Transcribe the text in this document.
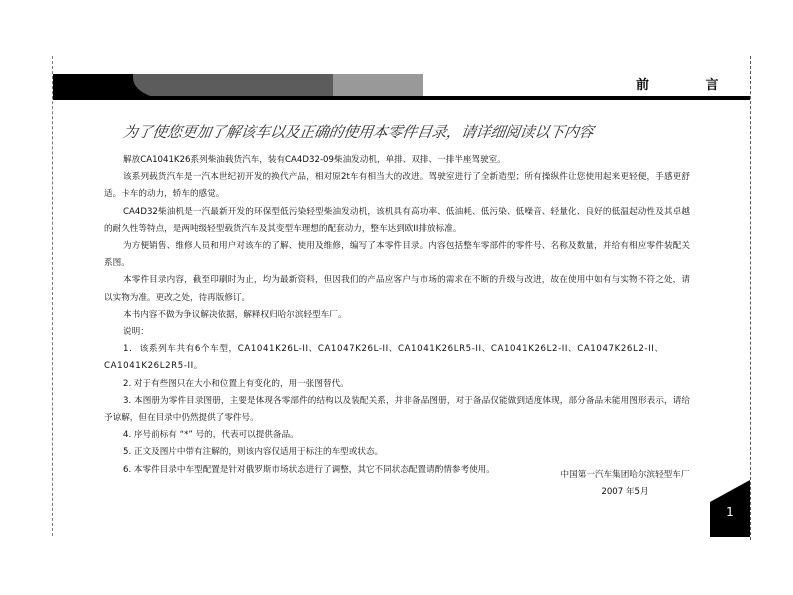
前 言
为了使您更加了解该车以及正确的使用本零件目录，请详细阅读以下内容

解放CA1041K26系列柴油载货汽车，装有CA4D32-09柴油发动机，单排、双排、一排半座驾驶室。

该系列载货汽车是一汽本世纪初开发的换代产品，相对原2t车有相当大的改进。驾驶室进行了全新造型；所有操纵件让您使用起来更轻便，手感更舒适。卡车的动力，轿车的感觉。

CA4D32柴油机是一汽最新开发的环保型低污染轻型柴油发动机，该机具有高功率、低油耗、低污染、低噪音、轻量化、良好的低温起动性及其卓越的耐久性等特点，是两吨级轻型载货汽车及其变型车理想的配套动力，整车达到欧II排放标准。

为方便销售、维修人员和用户对该车的了解、使用及维修，编写了本零件目录。内容包括整车零部件的零件号、名称及数量，并给有相应零件装配关系图。

本零件目录内容，截至印刷时为止，均为最新资料，但因我们的产品应客户与市场的需求在不断的升级与改进，故在使用中如有与实物不符之处，请以实物为准。更改之处，待再版修订。

本书内容不做为争议解决依据，解释权归哈尔滨轻型车厂。

说明：

1. 该系列车共有6个车型，CA1041K26L-II、CA1047K26L-II、CA1041K26LR5-II、CA1041K26L2-II、CA1047K26L2-II、CA1041K26L2R5-II。

2. 对于有些图只在大小和位置上有变化的，用一张图替代。

3. 本图册为零件目录图册，主要是体现各零部件的结构以及装配关系，并非备品图册，对于备品仅能做到适度体现，部分备品未能用图形表示，请给予谅解，但在目录中仍然提供了零件号。

4. 序号前标有 “*” 号的，代表可以提供备品。

5. 正文及图片中带有注解的，则该内容仅适用于标注的车型或状态。

6. 本零件目录中车型配置是针对俄罗斯市场状态进行了调整，其它不同状态配置请酌情参考使用。

中国第一汽车集团哈尔滨轻型车厂
2007 年5月
1
